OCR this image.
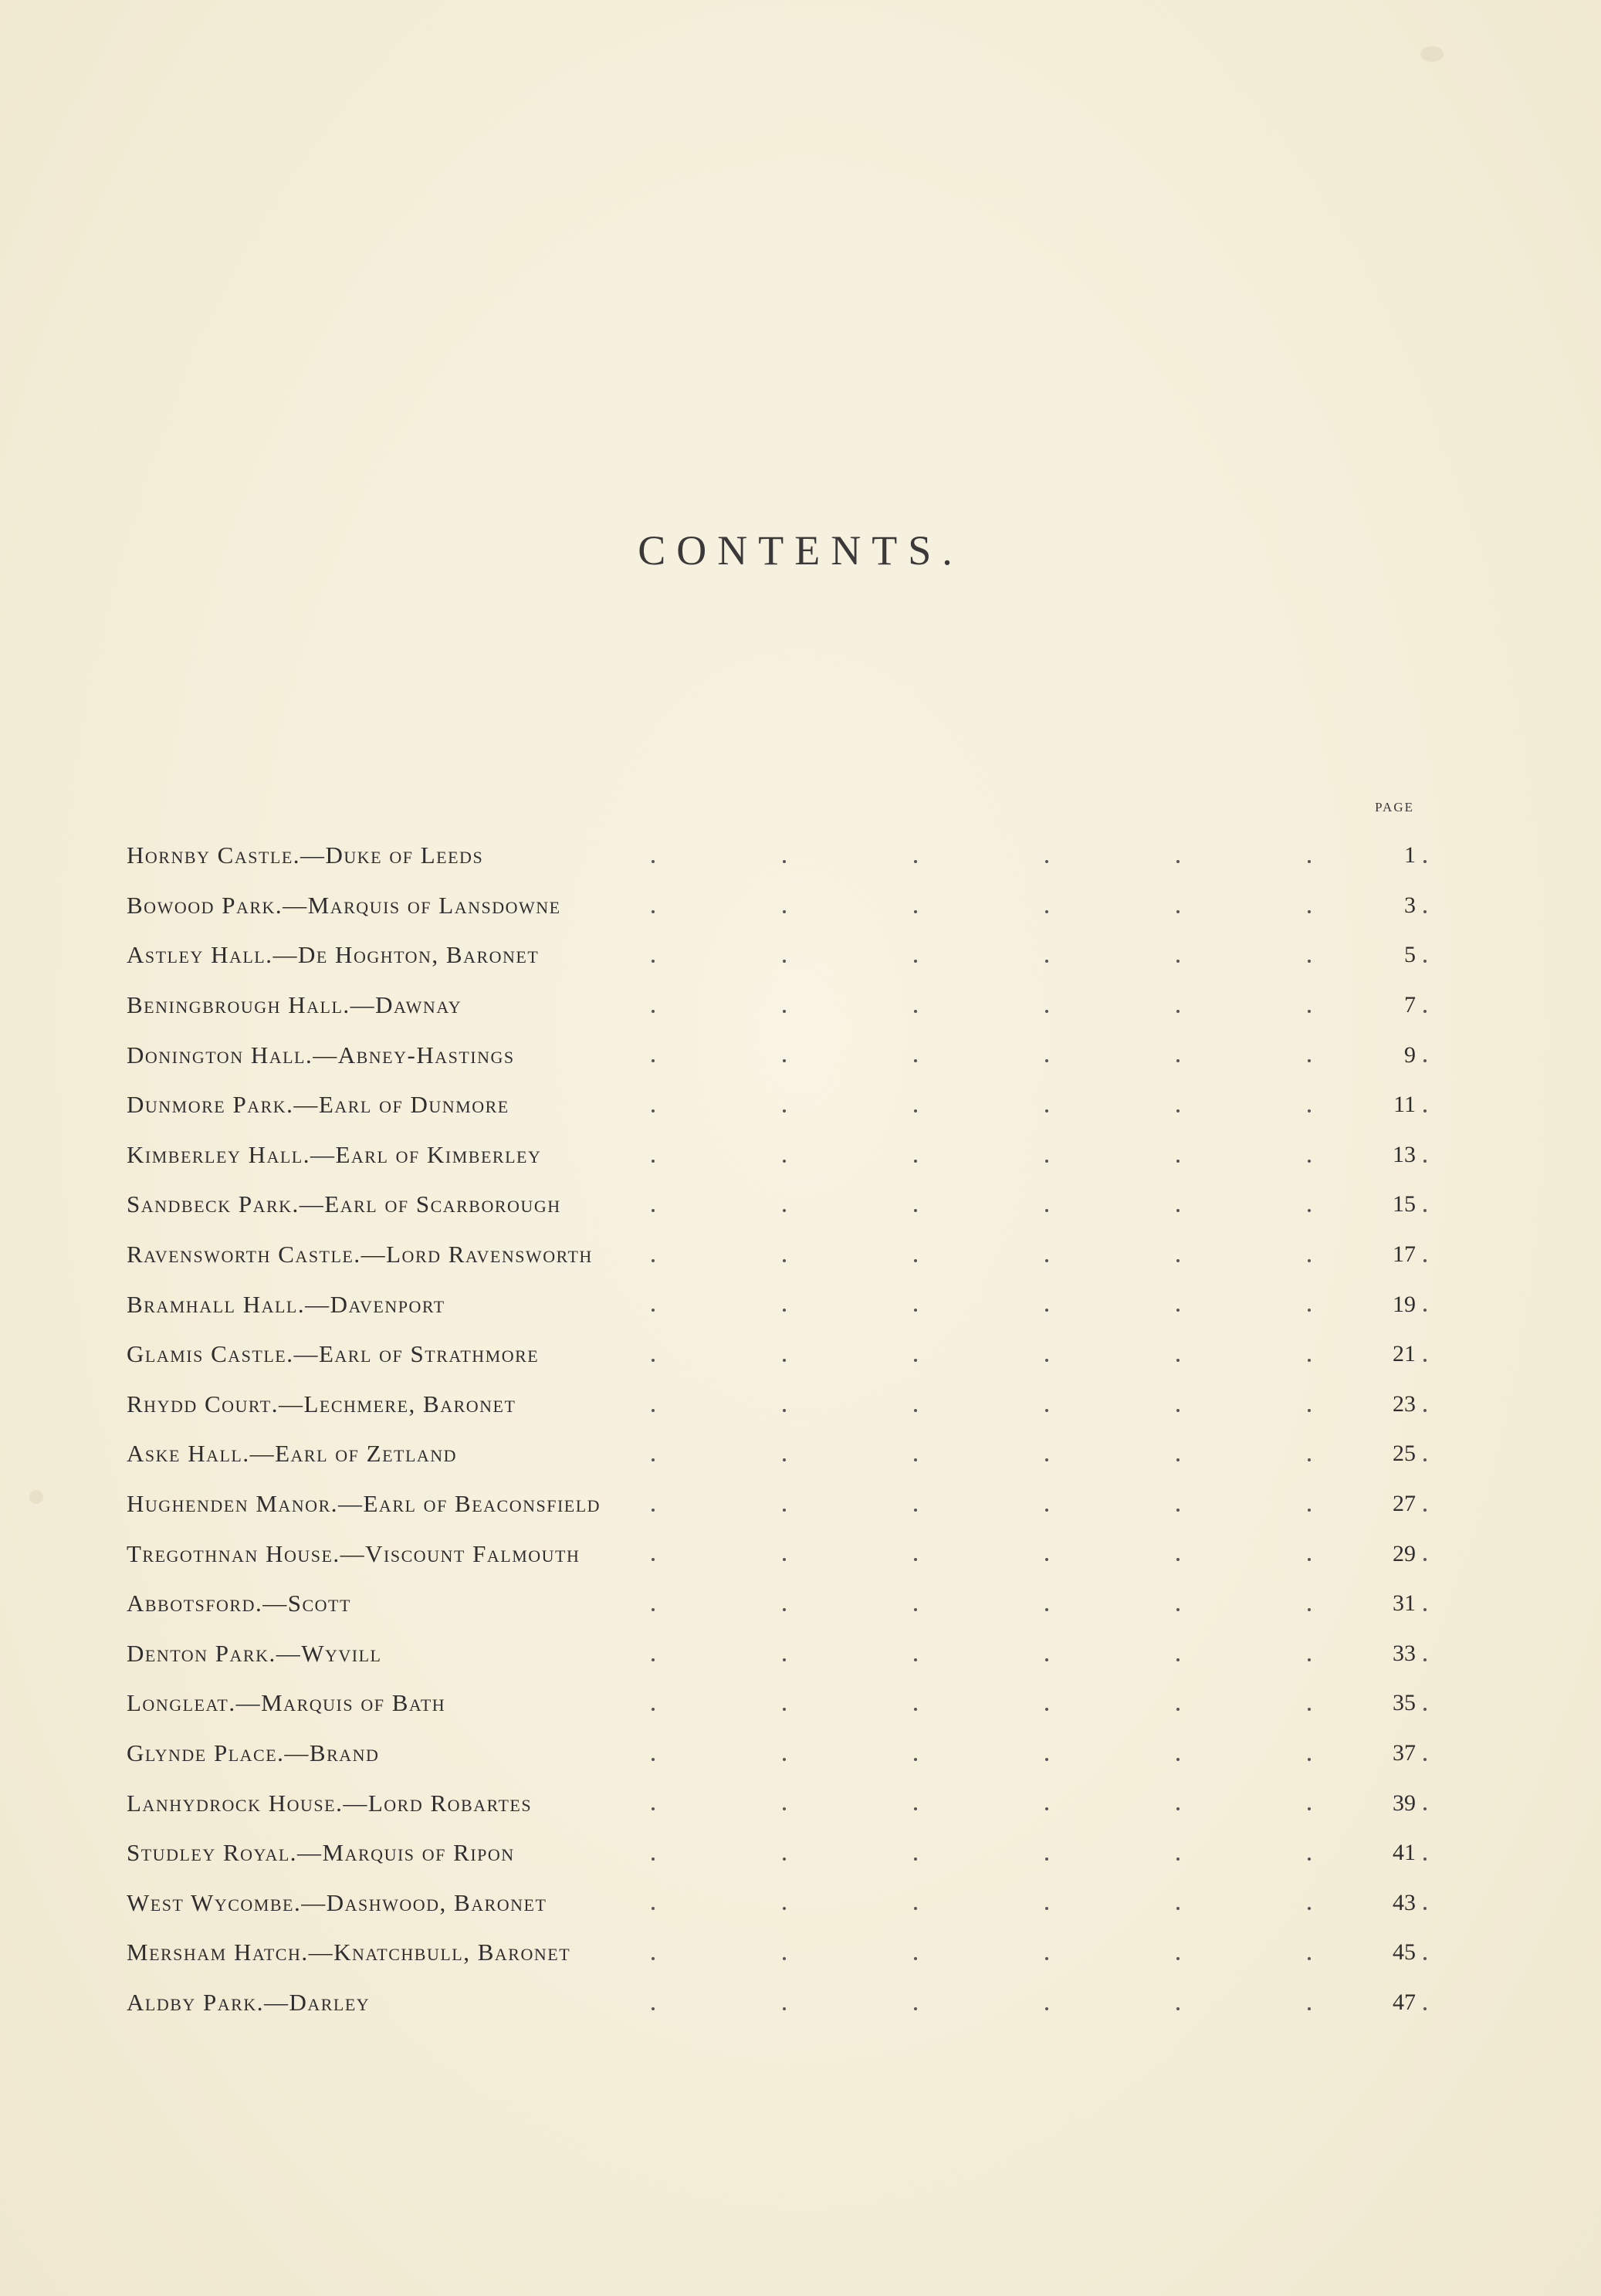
CONTENTS.
PAGE
Hornby Castle.—Duke of Leeds	1
Bowood Park.—Marquis of Lansdowne	3
Astley Hall.—De Hoghton, Baronet	5
Beningbrough Hall.—Dawnay	7
Donington Hall.—Abney-Hastings	9
Dunmore Park.—Earl of Dunmore	11
Kimberley Hall.—Earl of Kimberley	13
Sandbeck Park.—Earl of Scarborough	15
Ravensworth Castle.—Lord Ravensworth	17
Bramhall Hall.—Davenport	19
Glamis Castle.—Earl of Strathmore	21
Rhydd Court.—Lechmere, Baronet	23
Aske Hall.—Earl of Zetland	25
Hughenden Manor.—Earl of Beaconsfield	27
Tregothnan House.—Viscount Falmouth	29
Abbotsford.—Scott	31
Denton Park.—Wyvill	33
Longleat.—Marquis of Bath	35
Glynde Place.—Brand	37
Lanhydrock House.—Lord Robartes	39
Studley Royal.—Marquis of Ripon	41
West Wycombe.—Dashwood, Baronet	43
Mersham Hatch.—Knatchbull, Baronet	45
Aldby Park.—Darley	47
